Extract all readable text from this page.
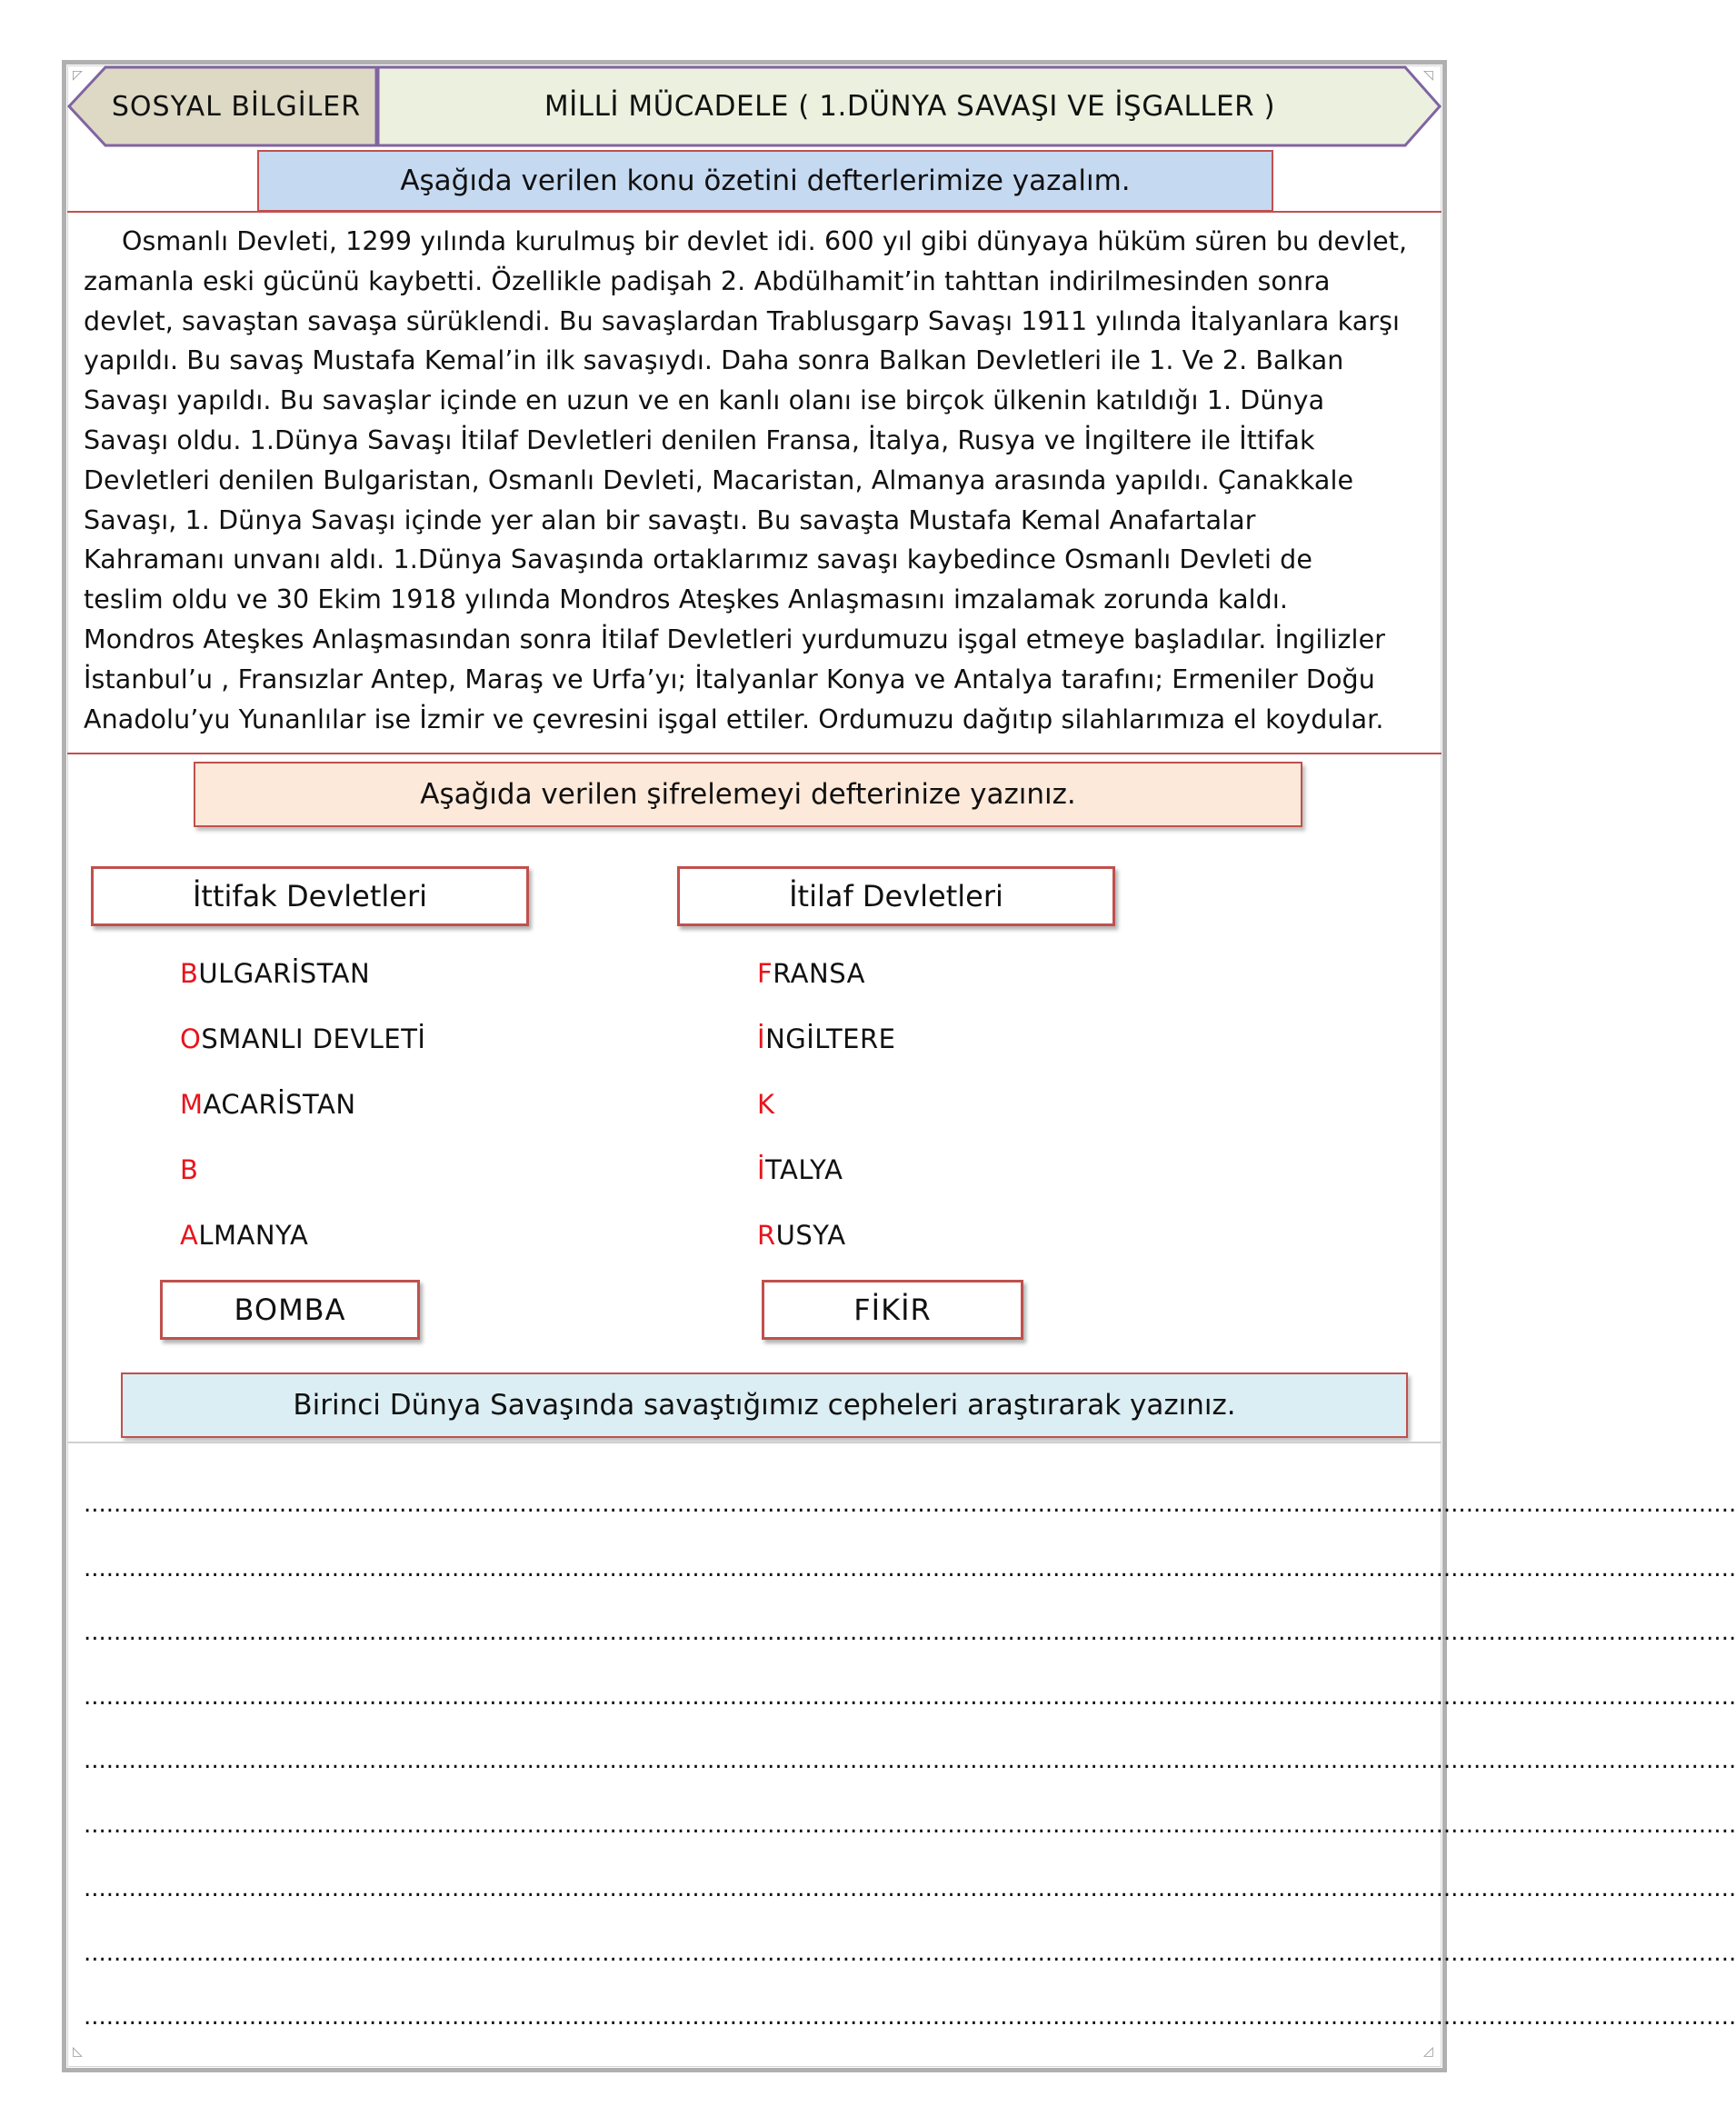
◸	◹
◺	◿
SOSYAL BİLGİLER	MİLLİ MÜCADELE ( 1.DÜNYA SAVAŞI VE İŞGALLER )
Aşağıda verilen konu özetini defterlerimize yazalım.
Osmanlı Devleti, 1299 yılında kurulmuş bir devlet idi. 600 yıl gibi dünyaya hüküm süren bu devlet,
zamanla eski gücünü kaybetti. Özellikle padişah 2. Abdülhamit’in tahttan indirilmesinden sonra
devlet, savaştan savaşa sürüklendi. Bu savaşlardan Trablusgarp Savaşı 1911 yılında İtalyanlara karşı
yapıldı. Bu savaş Mustafa Kemal’in ilk savaşıydı. Daha sonra Balkan Devletleri ile 1. Ve 2. Balkan
Savaşı yapıldı. Bu savaşlar içinde en uzun ve en kanlı olanı ise birçok ülkenin katıldığı 1. Dünya
Savaşı oldu. 1.Dünya Savaşı İtilaf Devletleri denilen Fransa, İtalya, Rusya ve İngiltere ile İttifak
Devletleri denilen Bulgaristan, Osmanlı Devleti, Macaristan, Almanya arasında yapıldı. Çanakkale
Savaşı, 1. Dünya Savaşı içinde yer alan bir savaştı. Bu savaşta Mustafa Kemal Anafartalar
Kahramanı unvanı aldı. 1.Dünya Savaşında ortaklarımız savaşı kaybedince Osmanlı Devleti de
teslim oldu ve 30 Ekim 1918 yılında Mondros Ateşkes Anlaşmasını imzalamak zorunda kaldı.
Mondros Ateşkes Anlaşmasından sonra İtilaf Devletleri yurdumuzu işgal etmeye başladılar. İngilizler
İstanbul’u , Fransızlar Antep, Maraş ve Urfa’yı; İtalyanlar Konya ve Antalya tarafını; Ermeniler Doğu
Anadolu’yu Yunanlılar ise İzmir ve çevresini işgal ettiler. Ordumuzu dağıtıp silahlarımıza el koydular.
Aşağıda verilen şifrelemeyi defterinize yazınız.
İttifak Devletleri	İtilaf Devletleri
BULGARİSTAN
OSMANLI DEVLETİ
MACARİSTAN
B
ALMANYA
FRANSA
İNGİLTERE
K
İTALYA
RUSYA
BOMBA	FİKİR
Birinci Dünya Savaşında savaştığımız cepheleri araştırarak yazınız.
............................................................................................................................................................................................................................
............................................................................................................................................................................................................................
............................................................................................................................................................................................................................
............................................................................................................................................................................................................................
............................................................................................................................................................................................................................
............................................................................................................................................................................................................................
............................................................................................................................................................................................................................
............................................................................................................................................................................................................................
............................................................................................................................................................................................................................
